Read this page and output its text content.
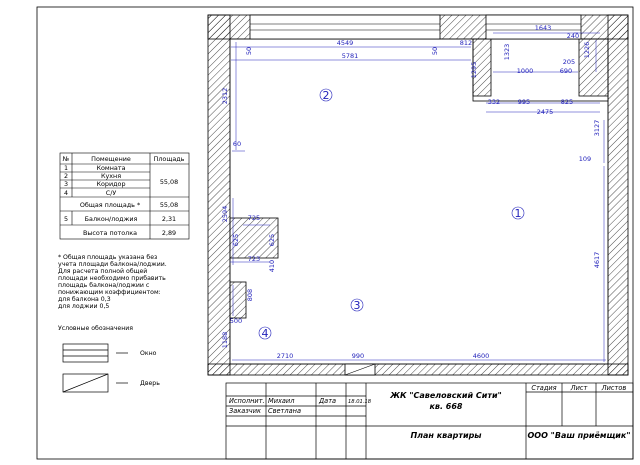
4549
5781
50	50
812
1643
240
1323	1226
1295	205
1000	690
995	825
2475
332
2312
60
2594	725
625	625
723
410
808
500
1188
3127
109
4617
2710	990	4600
1
2
3
4
№	Помещение	Площадь
1	Комната
2	Кухня
3	Коридор
4	С/У
55,08
Общая площадь *	55,08
5	Балкон/лоджия	2,31
Высота потолка	2,89
* Общая площадь указана без
учета площади балкона/лоджии.
Для расчета полной общей
площади необходимо прибавить
площадь балкона/лоджии с
понижающим коэффициентом:
для балкона 0,3
для лоджии 0,5
Условные обозначения
Окно
Дверь
Исполнит. Михаил	Дата 18.01.18
Заказчик Светлана
ЖК "Савеловский Сити"
кв. 668
Стадия Лист Листов
План квартиры	ООО "Ваш приёмщик"
